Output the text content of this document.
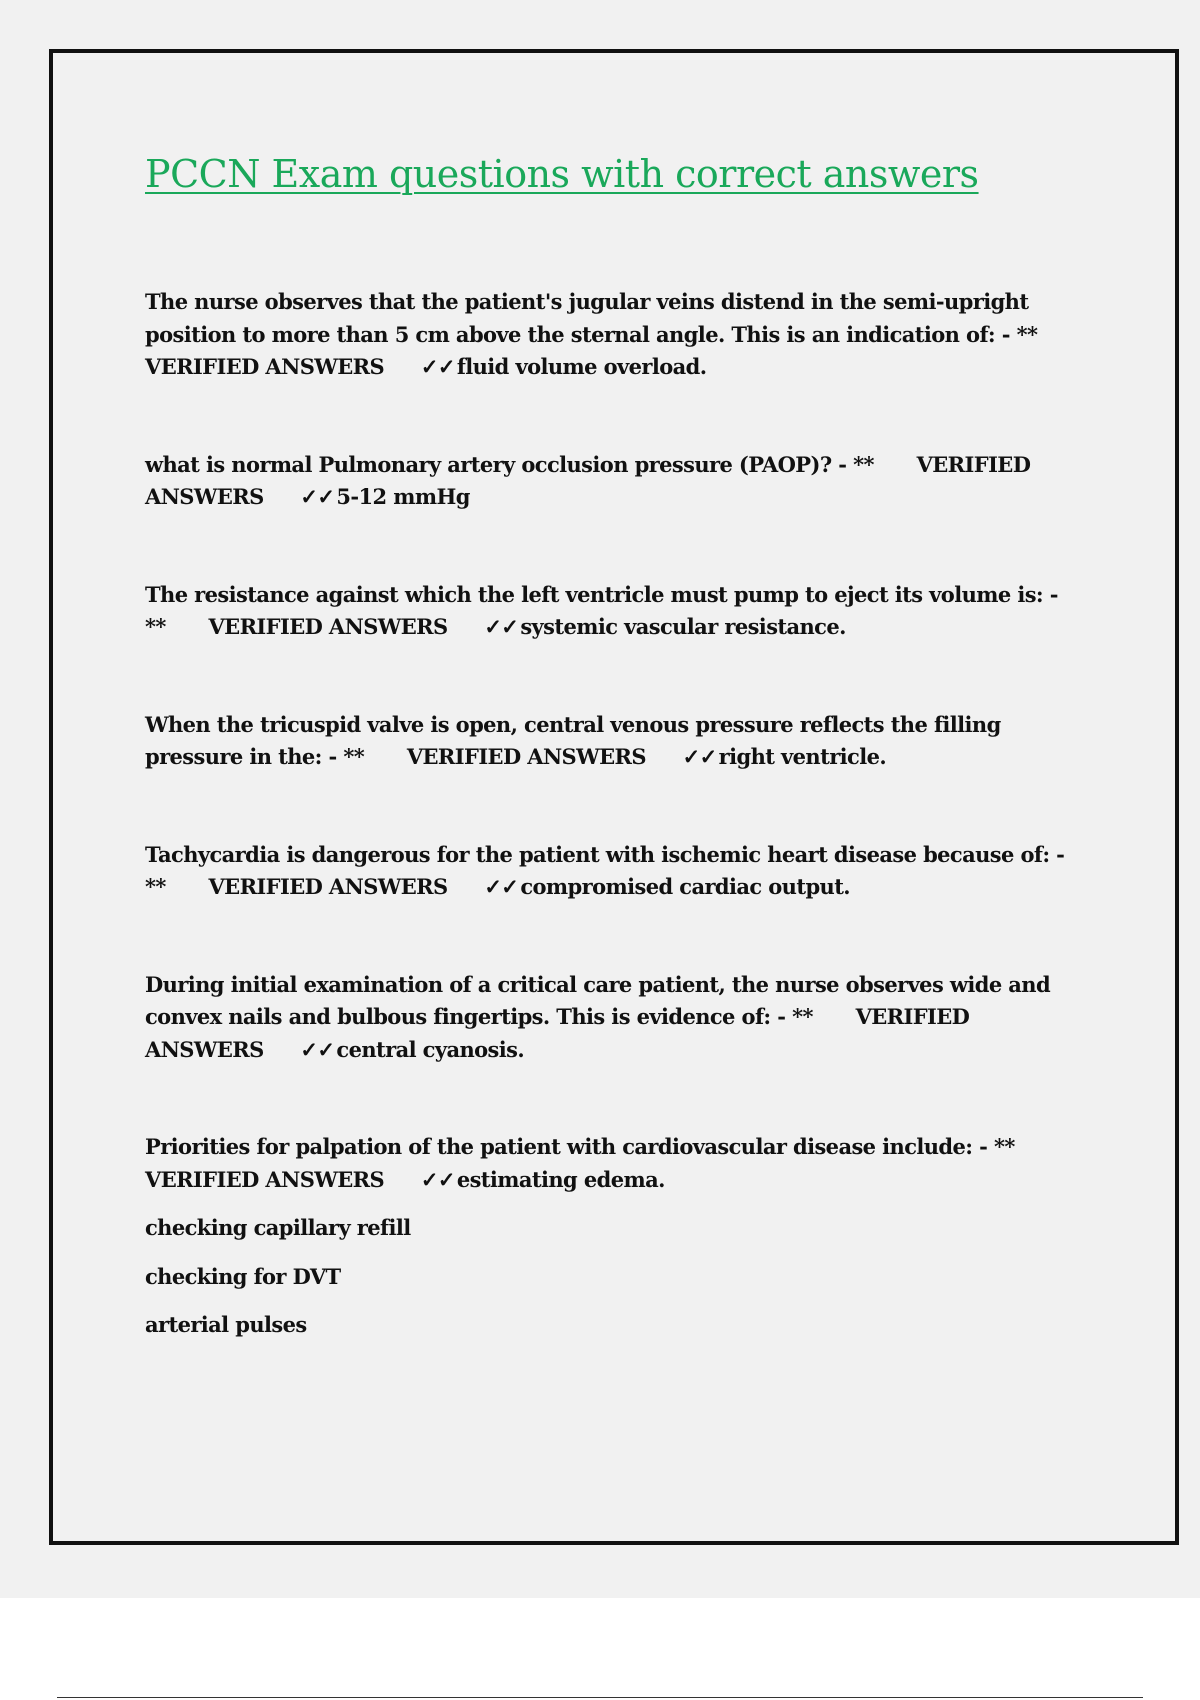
PCCN Exam questions with correct answers
The nurse observes that the patient's jugular veins distend in the semi-upright position to more than 5 cm above the sternal angle. This is an indication of: - ** VERIFIED ANSWERS ✓✓fluid volume overload.
what is normal Pulmonary artery occlusion pressure (PAOP)? - ** VERIFIED ANSWERS ✓✓5-12 mmHg
The resistance against which the left ventricle must pump to eject its volume is: - ** VERIFIED ANSWERS ✓✓systemic vascular resistance.
When the tricuspid valve is open, central venous pressure reflects the filling pressure in the: - ** VERIFIED ANSWERS ✓✓right ventricle.
Tachycardia is dangerous for the patient with ischemic heart disease because of: - ** VERIFIED ANSWERS ✓✓compromised cardiac output.
During initial examination of a critical care patient, the nurse observes wide and convex nails and bulbous fingertips. This is evidence of: - ** VERIFIED ANSWERS ✓✓central cyanosis.
Priorities for palpation of the patient with cardiovascular disease include: - ** VERIFIED ANSWERS ✓✓estimating edema.
checking capillary refill
checking for DVT
arterial pulses
